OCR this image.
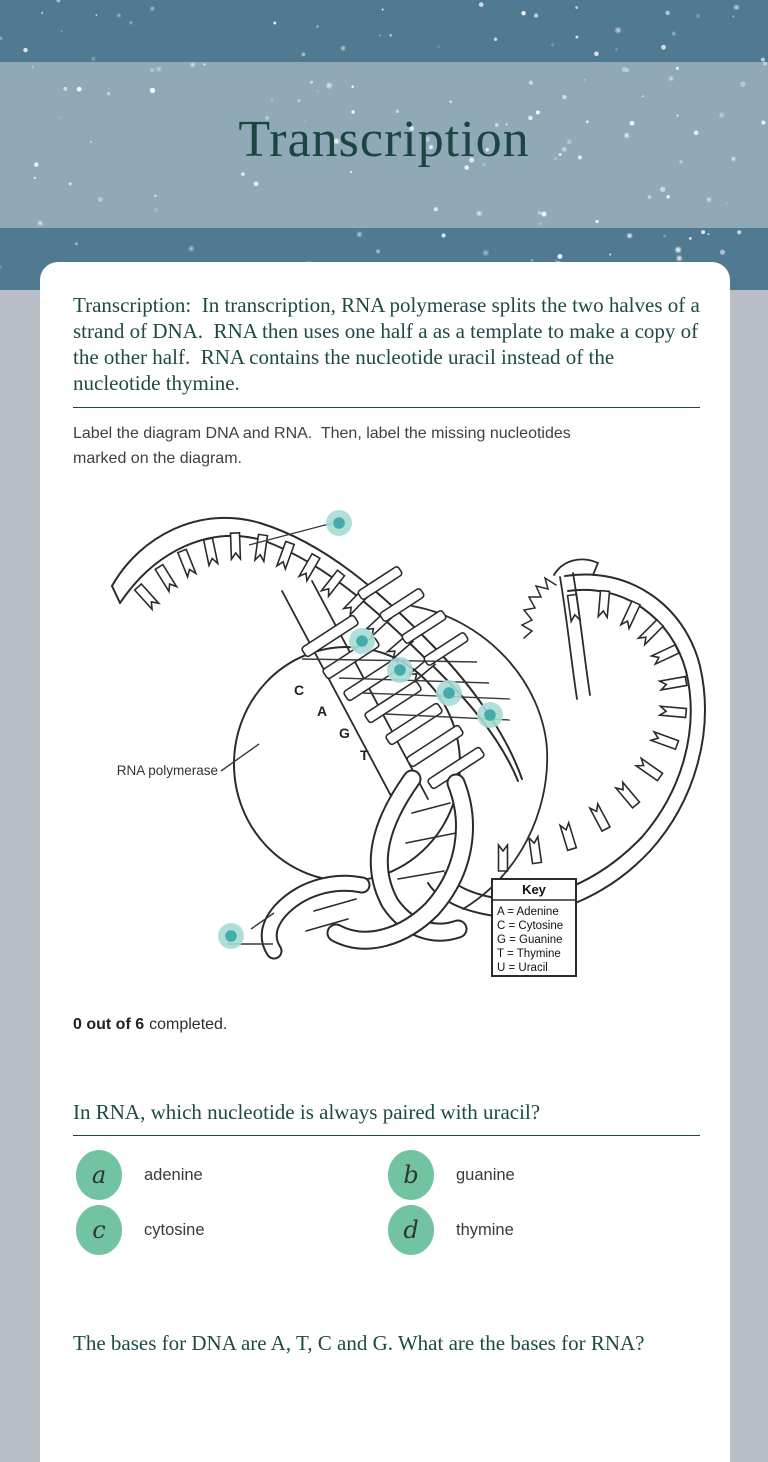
Transcription

Transcription:  In transcription, RNA polymerase splits the two halves of a strand of DNA.  RNA then uses one half a as a template to make a copy of the other half.  RNA contains the nucleotide uracil instead of the nucleotide thymine.

Label the diagram DNA and RNA.  Then, label the missing nucleotides marked on the diagram.

C
A
G
T
RNA polymerase
Key
A = Adenine
C = Cytosine
G = Guanine
T = Thymine
U = Uracil

0 out of 6 completed.

In RNA, which nucleotide is always paired with uracil?
a	adenine	b	guanine
c	cytosine	d	thymine
The bases for DNA are A, T, C and G. What are the bases for RNA?
